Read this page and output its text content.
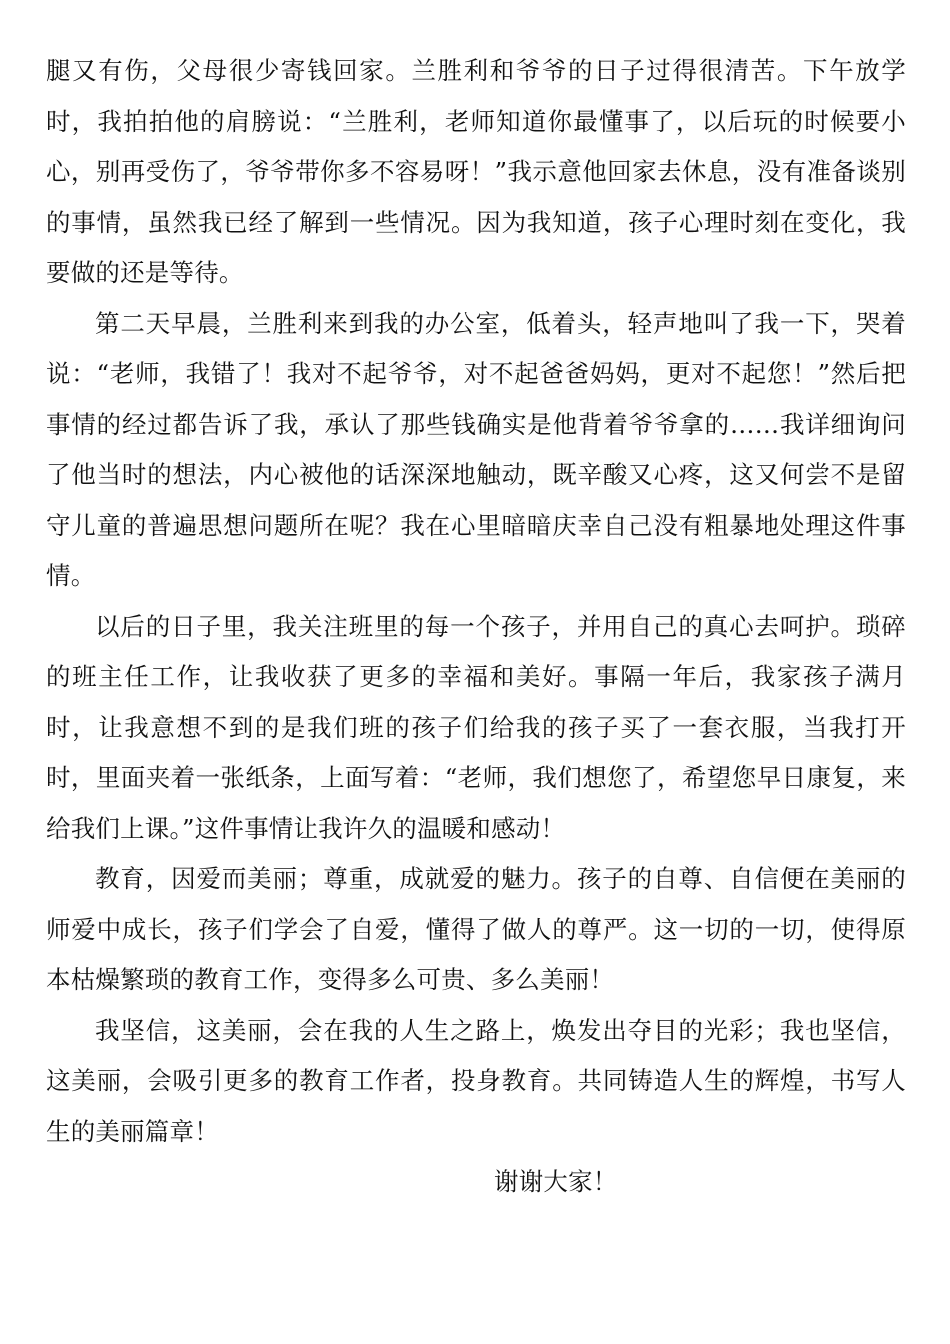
腿又有伤，父母很少寄钱回家。兰胜利和爷爷的日子过得很清苦。下午放学时，我拍拍他的肩膀说：“兰胜利，老师知道你最懂事了，以后玩的时候要小心，别再受伤了，爷爷带你多不容易呀！”我示意他回家去休息，没有准备谈别的事情，虽然我已经了解到一些情况。因为我知道，孩子心理时刻在变化，我要做的还是等待。

第二天早晨，兰胜利来到我的办公室，低着头，轻声地叫了我一下，哭着说：“老师，我错了！我对不起爷爷，对不起爸爸妈妈，更对不起您！”然后把事情的经过都告诉了我，承认了那些钱确实是他背着爷爷拿的……我详细询问了他当时的想法，内心被他的话深深地触动，既辛酸又心疼，这又何尝不是留守儿童的普遍思想问题所在呢？我在心里暗暗庆幸自己没有粗暴地处理这件事情。

以后的日子里，我关注班里的每一个孩子，并用自己的真心去呵护。琐碎的班主任工作，让我收获了更多的幸福和美好。事隔一年后，我家孩子满月时，让我意想不到的是我们班的孩子们给我的孩子买了一套衣服，当我打开时，里面夹着一张纸条，上面写着：“老师，我们想您了，希望您早日康复，来给我们上课。”这件事情让我许久的温暖和感动！

教育，因爱而美丽；尊重，成就爱的魅力。孩子的自尊、自信便在美丽的师爱中成长，孩子们学会了自爱，懂得了做人的尊严。这一切的一切，使得原本枯燥繁琐的教育工作，变得多么可贵、多么美丽！

我坚信，这美丽，会在我的人生之路上，焕发出夺目的光彩；我也坚信，这美丽，会吸引更多的教育工作者，投身教育。共同铸造人生的辉煌，书写人生的美丽篇章！

谢谢大家！
